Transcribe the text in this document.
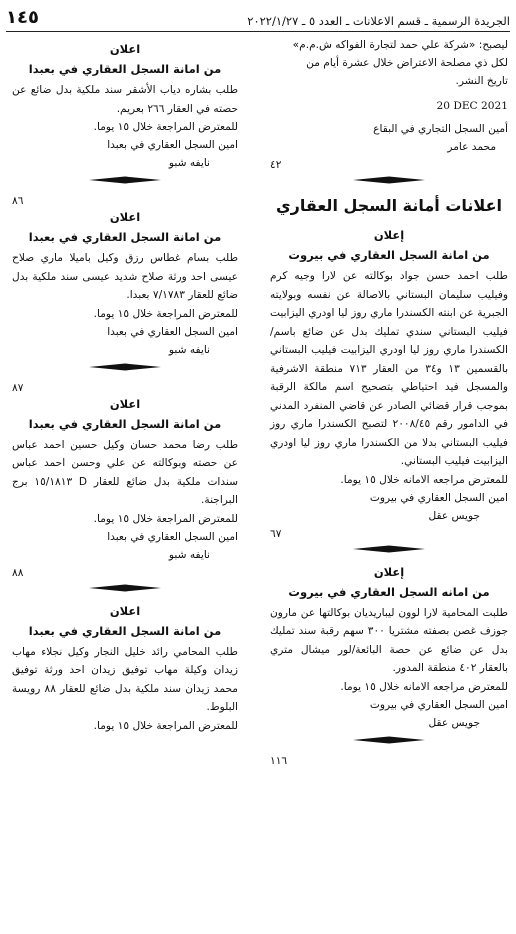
الجريدة الرسمية ـ قسم الاعلانات ـ العدد ٥ ـ ٢٠٢٢/١/٢٧
١٤٥

ليصبح: «شركة علي حمد لتجارة الفواكه ش.م.م»

لكل ذي مصلحة الاعتراض خلال عشرة أيام من

تاريخ النشر.

20 DEC 2021

أمين السجل التجاري في البقاع

محمد عامر

٤٢

اعلانات أمانة السجل العقاري
إعلان
من امانة السجل العقاري في بيروت

طلب احمد حسن جواد بوكالته عن لارا وجيه كرم وفيليب سليمان البستاني بالاصالة عن نفسه وبولايته الجبرية عن ابنته الكسندرا ماري روز ليا اودري اليزابيت فيليب البستاني سندي تمليك بدل عن ضائع باسم/ الكسندرا ماري روز ليا اودري اليزابيت فيليب البستاني بالقسمين ١٣ و٣٤ من العقار ٧١٣ منطقة الاشرفية والمسجل فيد احتياطي بتصحيح اسم مالكة الرقبة بموجب قرار قضائي الصادر عن قاضي المنفرد المدني في الدامور رقم ٢٠٠٨/٤٥ لتصبح الكسندرا ماري روز فيليب البستاني بدلا من الكسندرا ماري روز ليا اودري اليزابيت فيليب البستاني.

للمعترض مراجعه الامانه خلال ١٥ يوما.

امين السجل العقاري في بيروت

جويس عقل

٦٧

إعلان
من امانه السجل العقاري في بيروت

طلبت المحامية لارا لوون ليباريديان بوكالتها عن مارون جوزف غصن بصفته مشتريا ٣٠٠ سهم رقبة سند تمليك بدل عن ضائع عن حصة البائعة/لور ميشال متري بالعقار ٤٠٢ منطقة المدور.

للمعترض مراجعه الامانه خلال ١٥ يوما.

امين السجل العقاري في بيروت

جويس عقل

١١٦

اعلان
من امانة السجل العقاري في بعبدا

طلب بشاره دياب الأشقر سند ملكية بدل ضائع عن حصته في العقار ٢٦٦ بعريم.

للمعترض المراجعة خلال ١٥ يوما.

امين السجل العقاري في بعبدا

نايفه شبو

٨٦

اعلان
من امانة السجل العقاري في بعبدا

طلب بسام غطاس رزق وكيل باميلا ماري صلاح عيسى احد ورثة صلاح شديد عيسى سند ملكية بدل ضائع للعقار ٧/١٧٨٣ بعبدا.

للمعترض المراجعة خلال ١٥ يوما.

امين السجل العقاري في بعبدا

نايفه شبو

٨٧

اعلان
من امانة السجل العقاري في بعبدا

طلب رضا محمد حسان وكيل حسين احمد عباس عن حصته وبوكالته عن علي وحسن احمد عباس سندات ملكية بدل ضائع للعقار D ١٥/١٨١٣ برج البراجنة.

للمعترض المراجعة خلال ١٥ يوما.

امين السجل العقاري في بعبدا

نايفه شبو

٨٨

اعلان
من امانة السجل العقاري في بعبدا

طلب المحامي رائد خليل النجار وكيل نجلاء مهاب زيدان وكيلة مهاب توفيق زيدان احد ورثة توفيق محمد زيدان سند ملكية بدل ضائع للعقار ٨٨ رويسة البلوط.

للمعترض المراجعة خلال ١٥ يوما.
